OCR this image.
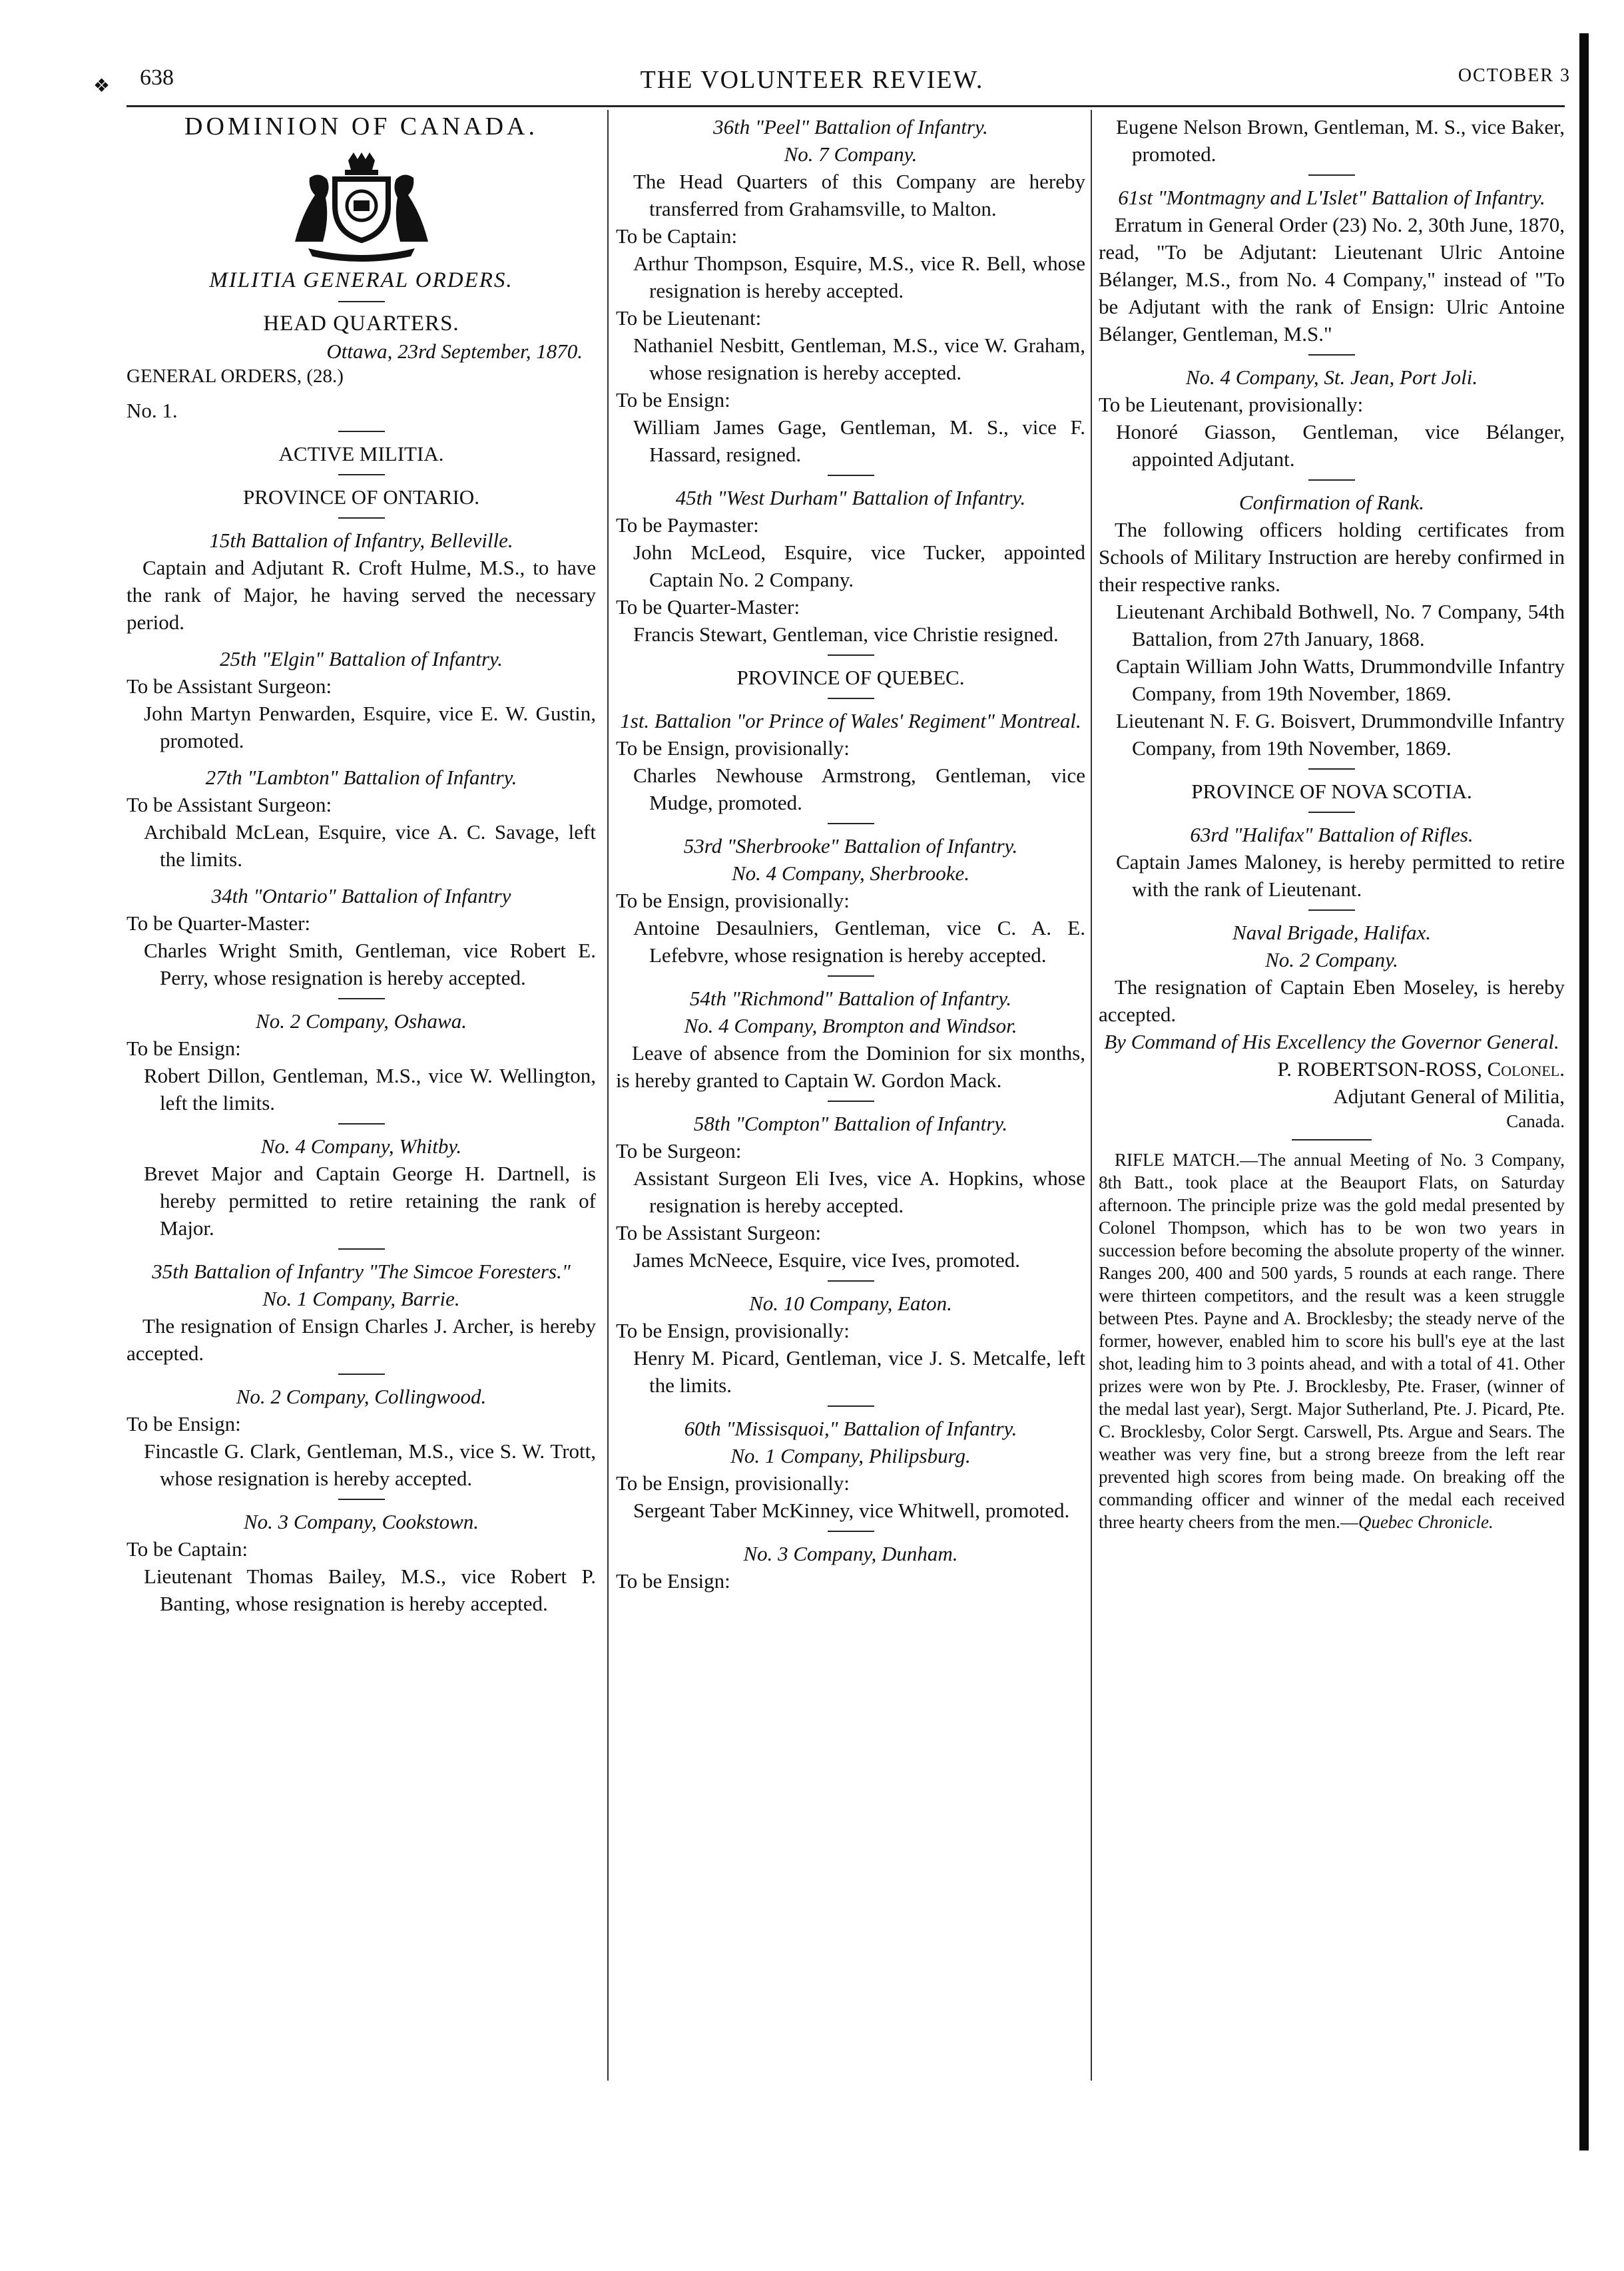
❖ 638	THE VOLUNTEER REVIEW.	OCTOBER 3
DOMINION OF CANADA.
MILITIA GENERAL ORDERS.
HEAD QUARTERS.
Ottawa, 23rd September, 1870.
GENERAL ORDERS, (28.)
No. 1.
ACTIVE MILITIA.
PROVINCE OF ONTARIO.
15th Battalion of Infantry, Belleville.
Captain and Adjutant R. Croft Hulme, M.S., to have the rank of Major, he having served the necessary period.
25th "Elgin" Battalion of Infantry.
To be Assistant Surgeon:
John Martyn Penwarden, Esquire, vice E. W. Gustin, promoted.
27th "Lambton" Battalion of Infantry.
To be Assistant Surgeon:
Archibald McLean, Esquire, vice A. C. Savage, left the limits.
34th "Ontario" Battalion of Infantry
To be Quarter-Master:
Charles Wright Smith, Gentleman, vice Robert E. Perry, whose resignation is hereby accepted.
No. 2 Company, Oshawa.
To be Ensign:
Robert Dillon, Gentleman, M.S., vice W. Wellington, left the limits.
No. 4 Company, Whitby.
Brevet Major and Captain George H. Dartnell, is hereby permitted to retire retaining the rank of Major.
35th Battalion of Infantry "The Simcoe Foresters."
No. 1 Company, Barrie.
The resignation of Ensign Charles J. Archer, is hereby accepted.
No. 2 Company, Collingwood.
To be Ensign:
Fincastle G. Clark, Gentleman, M.S., vice S. W. Trott, whose resignation is hereby accepted.
No. 3 Company, Cookstown.
To be Captain:
Lieutenant Thomas Bailey, M.S., vice Robert P. Banting, whose resignation is hereby accepted.
36th "Peel" Battalion of Infantry.
No. 7 Company.
The Head Quarters of this Company are hereby transferred from Grahamsville, to Malton.
To be Captain:
Arthur Thompson, Esquire, M.S., vice R. Bell, whose resignation is hereby accepted.
To be Lieutenant:
Nathaniel Nesbitt, Gentleman, M.S., vice W. Graham, whose resignation is hereby accepted.
To be Ensign:
William James Gage, Gentleman, M. S., vice F. Hassard, resigned.
45th "West Durham" Battalion of Infantry.
To be Paymaster:
John McLeod, Esquire, vice Tucker, appointed Captain No. 2 Company.
To be Quarter-Master:
Francis Stewart, Gentleman, vice Christie resigned.
PROVINCE OF QUEBEC.
1st. Battalion "or Prince of Wales' Regiment" Montreal.
To be Ensign, provisionally:
Charles Newhouse Armstrong, Gentleman, vice Mudge, promoted.
53rd "Sherbrooke" Battalion of Infantry.
No. 4 Company, Sherbrooke.
To be Ensign, provisionally:
Antoine Desaulniers, Gentleman, vice C. A. E. Lefebvre, whose resignation is hereby accepted.
54th "Richmond" Battalion of Infantry.
No. 4 Company, Brompton and Windsor.
Leave of absence from the Dominion for six months, is hereby granted to Captain W. Gordon Mack.
58th "Compton" Battalion of Infantry.
To be Surgeon:
Assistant Surgeon Eli Ives, vice A. Hopkins, whose resignation is hereby accepted.
To be Assistant Surgeon:
James McNeece, Esquire, vice Ives, promoted.
No. 10 Company, Eaton.
To be Ensign, provisionally:
Henry M. Picard, Gentleman, vice J. S. Metcalfe, left the limits.
60th "Missisquoi," Battalion of Infantry.
No. 1 Company, Philipsburg.
To be Ensign, provisionally:
Sergeant Taber McKinney, vice Whitwell, promoted.
No. 3 Company, Dunham.
To be Ensign:
Eugene Nelson Brown, Gentleman, M. S., vice Baker, promoted.
61st "Montmagny and L'Islet" Battalion of Infantry.
Erratum in General Order (23) No. 2, 30th June, 1870, read, "To be Adjutant: Lieutenant Ulric Antoine Bélanger, M.S., from No. 4 Company," instead of "To be Adjutant with the rank of Ensign: Ulric Antoine Bélanger, Gentleman, M.S."
No. 4 Company, St. Jean, Port Joli.
To be Lieutenant, provisionally:
Honoré Giasson, Gentleman, vice Bélanger, appointed Adjutant.
Confirmation of Rank.
The following officers holding certificates from Schools of Military Instruction are hereby confirmed in their respective ranks.
Lieutenant Archibald Bothwell, No. 7 Company, 54th Battalion, from 27th January, 1868.
Captain William John Watts, Drummondville Infantry Company, from 19th November, 1869.
Lieutenant N. F. G. Boisvert, Drummondville Infantry Company, from 19th November, 1869.
PROVINCE OF NOVA SCOTIA.
63rd "Halifax" Battalion of Rifles.
Captain James Maloney, is hereby permitted to retire with the rank of Lieutenant.
Naval Brigade, Halifax.
No. 2 Company.
The resignation of Captain Eben Moseley, is hereby accepted.
By Command of His Excellency the Governor General.
P. ROBERTSON-ROSS, Colonel.
Adjutant General of Militia,
Canada.
RIFLE MATCH.—The annual Meeting of No. 3 Company, 8th Batt., took place at the Beauport Flats, on Saturday afternoon. The principle prize was the gold medal presented by Colonel Thompson, which has to be won two years in succession before becoming the absolute property of the winner. Ranges 200, 400 and 500 yards, 5 rounds at each range. There were thirteen competitors, and the result was a keen struggle between Ptes. Payne and A. Brocklesby; the steady nerve of the former, however, enabled him to score his bull's eye at the last shot, leading him to 3 points ahead, and with a total of 41. Other prizes were won by Pte. J. Brocklesby, Pte. Fraser, (winner of the medal last year), Sergt. Major Sutherland, Pte. J. Picard, Pte. C. Brocklesby, Color Sergt. Carswell, Pts. Argue and Sears. The weather was very fine, but a strong breeze from the left rear prevented high scores from being made. On breaking off the commanding officer and winner of the medal each received three hearty cheers from the men.—Quebec Chronicle.
